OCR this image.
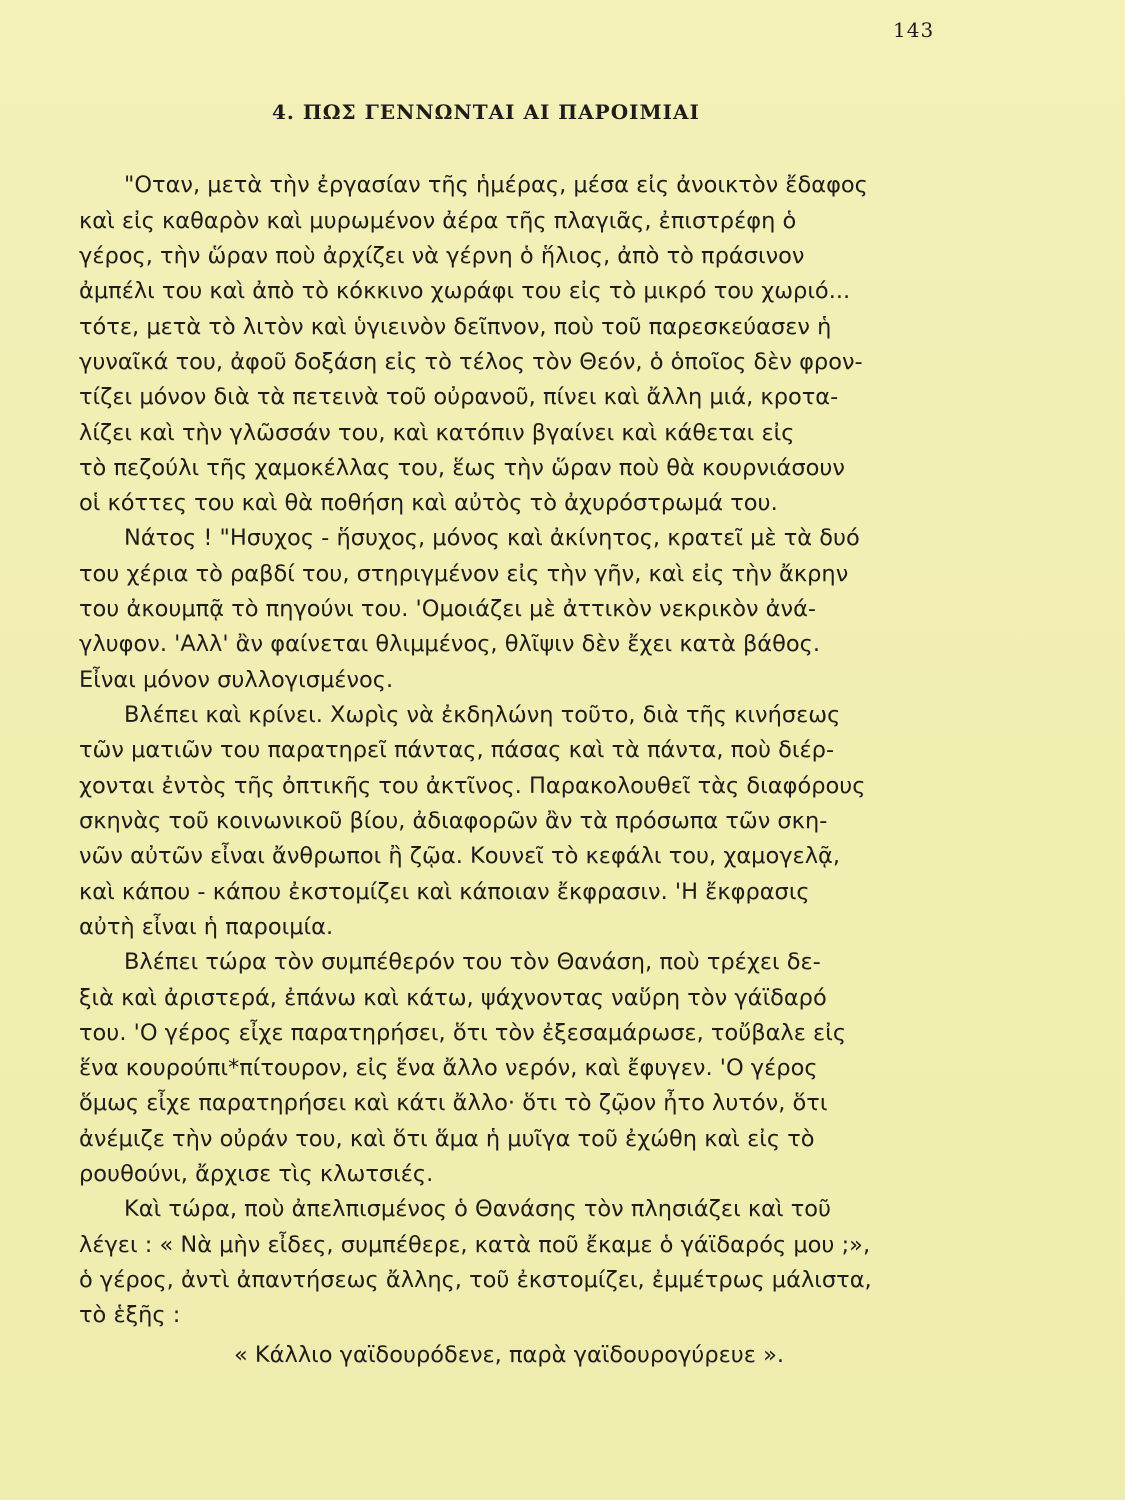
143
4. ΠΩΣ ΓΕΝΝΩΝΤΑΙ ΑΙ ΠΑΡΟΙΜΙΑΙ
"Οταν, μετὰ τὴν ἐργασίαν τῆς ἡμέρας, μέσα εἰς ἀνοικτὸν ἔδαφος
καὶ εἰς καθαρὸν καὶ μυρωμένον ἀέρα τῆς πλαγιᾶς, ἐπιστρέφη ὁ
γέρος, τὴν ὥραν ποὺ ἀρχίζει νὰ γέρνη ὁ ἥλιος, ἀπὸ τὸ πράσινον
ἀμπέλι του καὶ ἀπὸ τὸ κόκκινο χωράφι του εἰς τὸ μικρό του χωριό...
τότε, μετὰ τὸ λιτὸν καὶ ὑγιεινὸν δεῖπνον, ποὺ τοῦ παρεσκεύασεν ἡ
γυναῖκά του, ἀφοῦ δοξάση εἰς τὸ τέλος τὸν Θεόν, ὁ ὁποῖος δὲν φρον-
τίζει μόνον διὰ τὰ πετεινὰ τοῦ οὐρανοῦ, πίνει καὶ ἄλλη μιά, κροτα-
λίζει καὶ τὴν γλῶσσάν του, καὶ κατόπιν βγαίνει καὶ κάθεται εἰς
τὸ πεζούλι τῆς χαμοκέλλας του, ἕως τὴν ὥραν ποὺ θὰ κουρνιάσουν
οἱ κόττες του καὶ θὰ ποθήση καὶ αὐτὸς τὸ ἀχυρόστρωμά του.
Νάτος ! "Ησυχος - ἥσυχος, μόνος καὶ ἀκίνητος, κρατεῖ μὲ τὰ δυό
του χέρια τὸ ραβδί του, στηριγμένον εἰς τὴν γῆν, καὶ εἰς τὴν ἄκρην
του ἀκουμπᾷ τὸ πηγούνι του. 'Ομοιάζει μὲ ἀττικὸν νεκρικὸν ἀνά-
γλυφον. 'Αλλ' ἂν φαίνεται θλιμμένος, θλῖψιν δὲν ἔχει κατὰ βάθος.
Εἶναι μόνον συλλογισμένος.
Βλέπει καὶ κρίνει. Χωρὶς νὰ ἐκδηλώνη τοῦτο, διὰ τῆς κινήσεως
τῶν ματιῶν του παρατηρεῖ πάντας, πάσας καὶ τὰ πάντα, ποὺ διέρ-
χονται ἐντὸς τῆς ὀπτικῆς του ἀκτῖνος. Παρακολουθεῖ τὰς διαφόρους
σκηνὰς τοῦ κοινωνικοῦ βίου, ἀδιαφορῶν ἂν τὰ πρόσωπα τῶν σκη-
νῶν αὐτῶν εἶναι ἄνθρωποι ἢ ζῷα. Κουνεῖ τὸ κεφάλι του, χαμογελᾷ,
καὶ κάπου - κάπου ἐκστομίζει καὶ κάποιαν ἔκφρασιν. 'Η ἔκφρασις
αὐτὴ εἶναι ἡ παροιμία.
Βλέπει τώρα τὸν συμπέθερόν του τὸν Θανάση, ποὺ τρέχει δε-
ξιὰ καὶ ἀριστερά, ἐπάνω καὶ κάτω, ψάχνοντας ναὕρη τὸν γάϊδαρό
του. 'Ο γέρος εἶχε παρατηρήσει, ὅτι τὸν ἐξεσαμάρωσε, τοὔβαλε εἰς
ἕνα κουρούπι*πίτουρον, εἰς ἕνα ἄλλο νερόν, καὶ ἔφυγεν. 'Ο γέρος
ὅμως εἶχε παρατηρήσει καὶ κάτι ἄλλο· ὅτι τὸ ζῷον ἦτο λυτόν, ὅτι
ἀνέμιζε τὴν οὐράν του, καὶ ὅτι ἅμα ἡ μυῖγα τοῦ ἐχώθη καὶ εἰς τὸ
ρουθούνι, ἄρχισε τὶς κλωτσιές.
Καὶ τώρα, ποὺ ἀπελπισμένος ὁ Θανάσης τὸν πλησιάζει καὶ τοῦ
λέγει : « Νὰ μὴν εἶδες, συμπέθερε, κατὰ ποῦ ἔκαμε ὁ γάϊδαρός μου ;»,
ὁ γέρος, ἀντὶ ἀπαντήσεως ἄλλης, τοῦ ἐκστομίζει, ἐμμέτρως μάλιστα,
τὸ ἑξῆς :
« Κάλλιο γαϊδουρόδενε, παρὰ γαϊδουρογύρευε ».
